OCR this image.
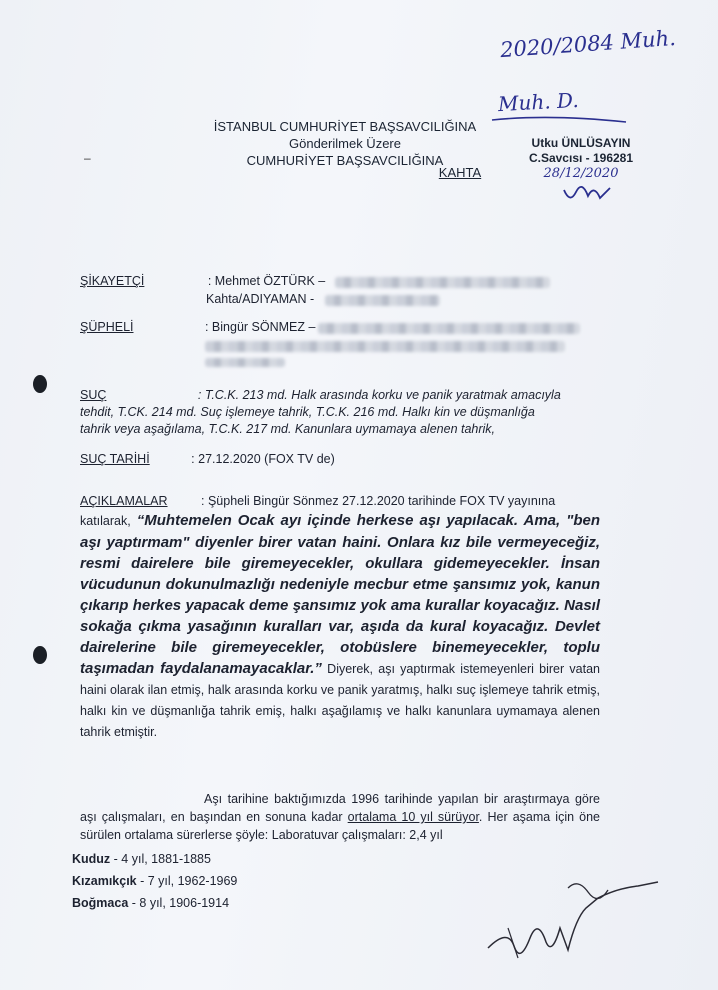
2020/2084 Muh.
Muh. D.
İSTANBUL CUMHURİYET BAŞSAVCILIĞINA
Gönderilmek Üzere
CUMHURİYET BAŞSAVCILIĞINA
KAHTA
–
Utku ÜNLÜSAYIN
C.Savcısı - 196281
28/12/2020
ŞİKAYETÇİ	: Mehmet ÖZTÜRK –
Kahta/ADIYAMAN -
ŞÜPHELİ	: Bingür SÖNMEZ –
SUÇ	: T.C.K. 213 md. Halk arasında korku ve panik yaratmak amacıyla
tehdit, T.CK. 214 md. Suç işlemeye tahrik, T.C.K. 216 md. Halkı kin ve düşmanlığa
tahrik veya aşağılama, T.C.K. 217 md. Kanunlara uymamaya alenen tahrik,
SUÇ TARİHİ	: 27.12.2020 (FOX TV de)
AÇIKLAMALAR	: Şüpheli Bingür Sönmez 27.12.2020 tarihinde FOX TV yayınına
katılarak, “Muhtemelen Ocak ayı içinde herkese aşı yapılacak. Ama, "ben aşı yaptırmam" diyenler birer vatan haini. Onlara kız bile vermeyeceğiz, resmi dairelere bile giremeyecekler, okullara gidemeyecekler. İnsan vücudunun dokunulmazlığı nedeniyle mecbur etme şansımız yok, kanun çıkarıp herkes yapacak deme şansımız yok ama kurallar koyacağız. Nasıl sokağa çıkma yasağının kuralları var, aşıda da kural koyacağız. Devlet dairelerine bile giremeyecekler, otobüslere binemeyecekler, toplu taşımadan faydalanamayacaklar.” Diyerek, aşı yaptırmak istemeyenleri birer vatan haini olarak ilan etmiş, halk arasında korku ve panik yaratmış, halkı suç işlemeye tahrik etmiş, halkı kin ve düşmanlığa tahrik emiş, halkı aşağılamış ve halkı kanunlara uymamaya alenen tahrik etmiştir.
Aşı tarihine baktığımızda 1996 tarihinde yapılan bir araştırmaya göre aşı çalışmaları, en başından en sonuna kadar ortalama 10 yıl sürüyor. Her aşama için öne sürülen ortalama sürerlerse şöyle: Laboratuvar çalışmaları: 2,4 yıl
Kuduz - 4 yıl, 1881-1885
Kızamıkçık - 7 yıl, 1962-1969
Boğmaca - 8 yıl, 1906-1914
